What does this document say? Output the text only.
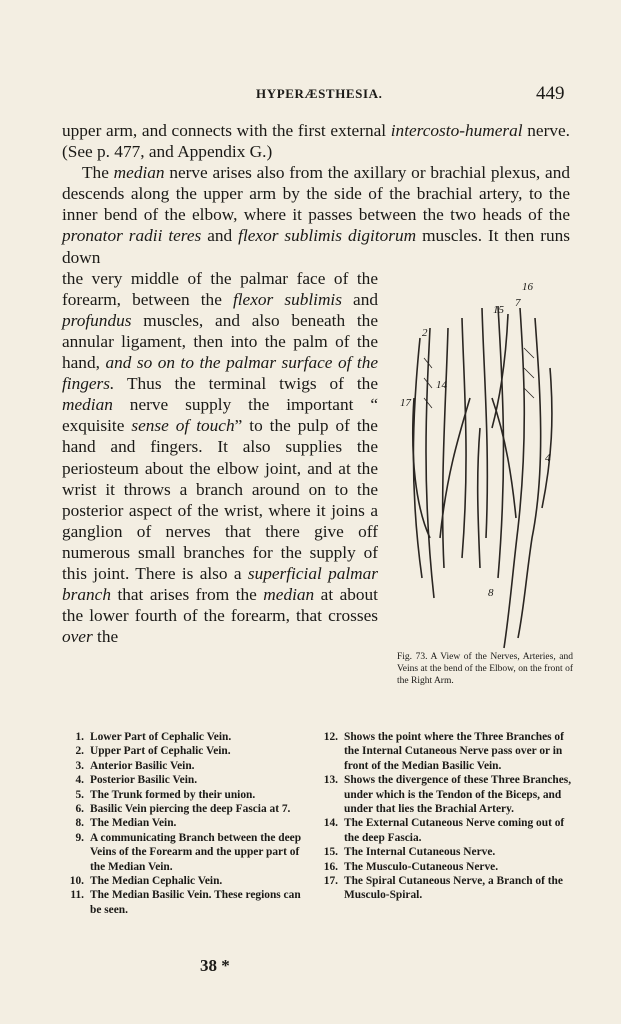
HYPERÆSTHESIA.	449

upper arm, and connects with the first external intercosto-humeral nerve. (See p. 477, and Appendix G.)

The median nerve arises also from the axillary or brachial plexus, and descends along the upper arm by the side of the brachial artery, to the inner bend of the elbow, where it passes between the two heads of the pronator radii teres and flexor sublimis digitorum muscles. It then runs down

the very middle of the palmar face of the forearm, between the flexor sublimis and profundus muscles, and also beneath the annular ligament, then into the palm of the hand, and so on to the palmar surface of the fingers. Thus the terminal twigs of the median nerve supply the important “ exquisite sense of touch” to the pulp of the hand and fingers. It also supplies the periosteum about the elbow joint, and at the wrist it throws a branch around on to the posterior aspect of the wrist, where it joins a ganglion of nerves that there give off numerous small branches for the supply of this joint. There is also a superficial palmar branch that arises from the median at about the lower fourth of the forearm, that crosses over the

16
7
15
2
14
17
4
8
Fig. 73. A View of the Nerves, Arteries, and Veins at the bend of the Elbow, on the front of the Right Arm.
1. Lower Part of Cephalic Vein.
2. Upper Part of Cephalic Vein.
3. Anterior Basilic Vein.
4. Posterior Basilic Vein.
5. The Trunk formed by their union.
6. Basilic Vein piercing the deep Fascia at 7.
8. The Median Vein.
9. A communicating Branch between the deep Veins of the Forearm and the upper part of the Median Vein.
10. The Median Cephalic Vein.
11. The Median Basilic Vein. These regions can be seen.
12. Shows the point where the Three Branches of the Internal Cutaneous Nerve pass over or in front of the Median Basilic Vein.
13. Shows the divergence of these Three Branches, under which is the Tendon of the Biceps, and under that lies the Brachial Artery.
14. The External Cutaneous Nerve coming out of the deep Fascia.
15. The Internal Cutaneous Nerve.
16. The Musculo-Cutaneous Nerve.
17. The Spiral Cutaneous Nerve, a Branch of the Musculo-Spiral.
38 *
